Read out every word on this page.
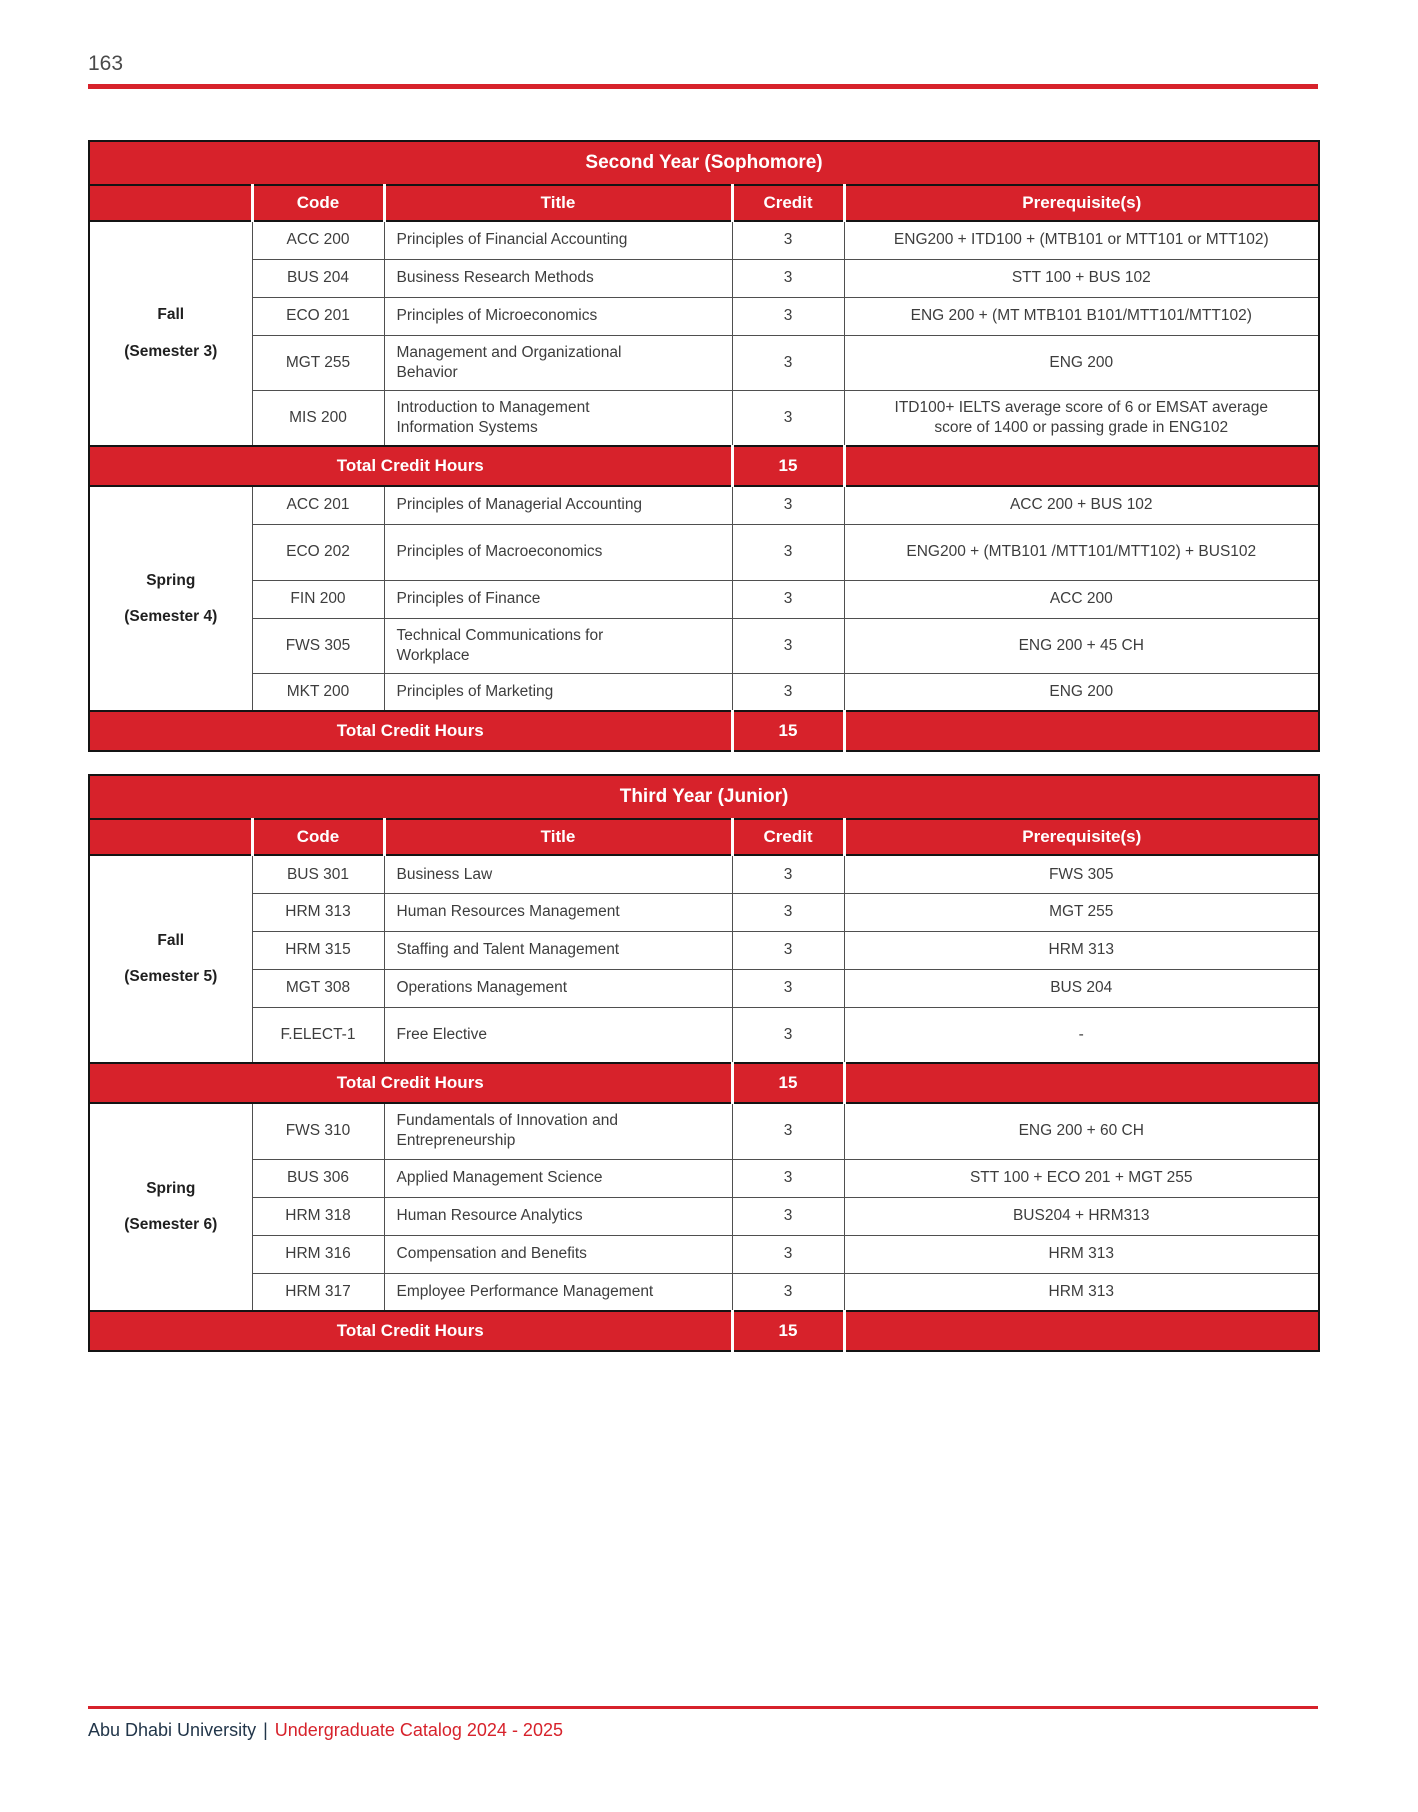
163
Second Year (Sophomore)				
	Code	Title	Credit	Prerequisite(s)

Fall
(Semester 3)	ACC 200	Principles of Financial Accounting	3	ENG200 + ITD100 + (MTB101 or MTT101 or MTT102)

	BUS 204	Business Research Methods	3	STT 100 + BUS 102

	ECO 201	Principles of Microeconomics	3	ENG 200 + (MT MTB101 B101/MTT101/MTT102)

	MGT 255	Management and Organizational Behavior	3	ENG 200

	MIS 200	Introduction to Management Information Systems	3	ITD100+ IELTS average score of 6 or EMSAT average score of 1400 or passing grade in ENG102

Total Credit Hours			15	

Spring
(Semester 4)	ACC 201	Principles of Managerial Accounting	3	ACC 200 + BUS 102

	ECO 202	Principles of Macroeconomics	3	ENG200 + (MTB101 /MTT101/MTT102) + BUS102

	FIN 200	Principles of Finance	3	ACC 200

	FWS 305	Technical Communications for Workplace	3	ENG 200 + 45 CH

	MKT 200	Principles of Marketing	3	ENG 200

Total Credit Hours			15	
Third Year (Junior)				
	Code	Title	Credit	Prerequisite(s)

Fall
(Semester 5)	BUS 301	Business Law	3	FWS 305

	HRM 313	Human Resources Management	3	MGT 255

	HRM 315	Staffing and Talent Management	3	HRM 313

	MGT 308	Operations Management	3	BUS 204

	F.ELECT-1	Free Elective	3	-

Total Credit Hours			15	

Spring
(Semester 6)	FWS 310	Fundamentals of Innovation and Entrepreneurship	3	ENG 200 + 60 CH

	BUS 306	Applied Management Science	3	STT 100 + ECO 201 + MGT 255

	HRM 318	Human Resource Analytics	3	BUS204 + HRM313

	HRM 316	Compensation and Benefits	3	HRM 313

	HRM 317	Employee Performance Management	3	HRM 313

Total Credit Hours			15	
Abu Dhabi University | Undergraduate Catalog 2024 - 2025
